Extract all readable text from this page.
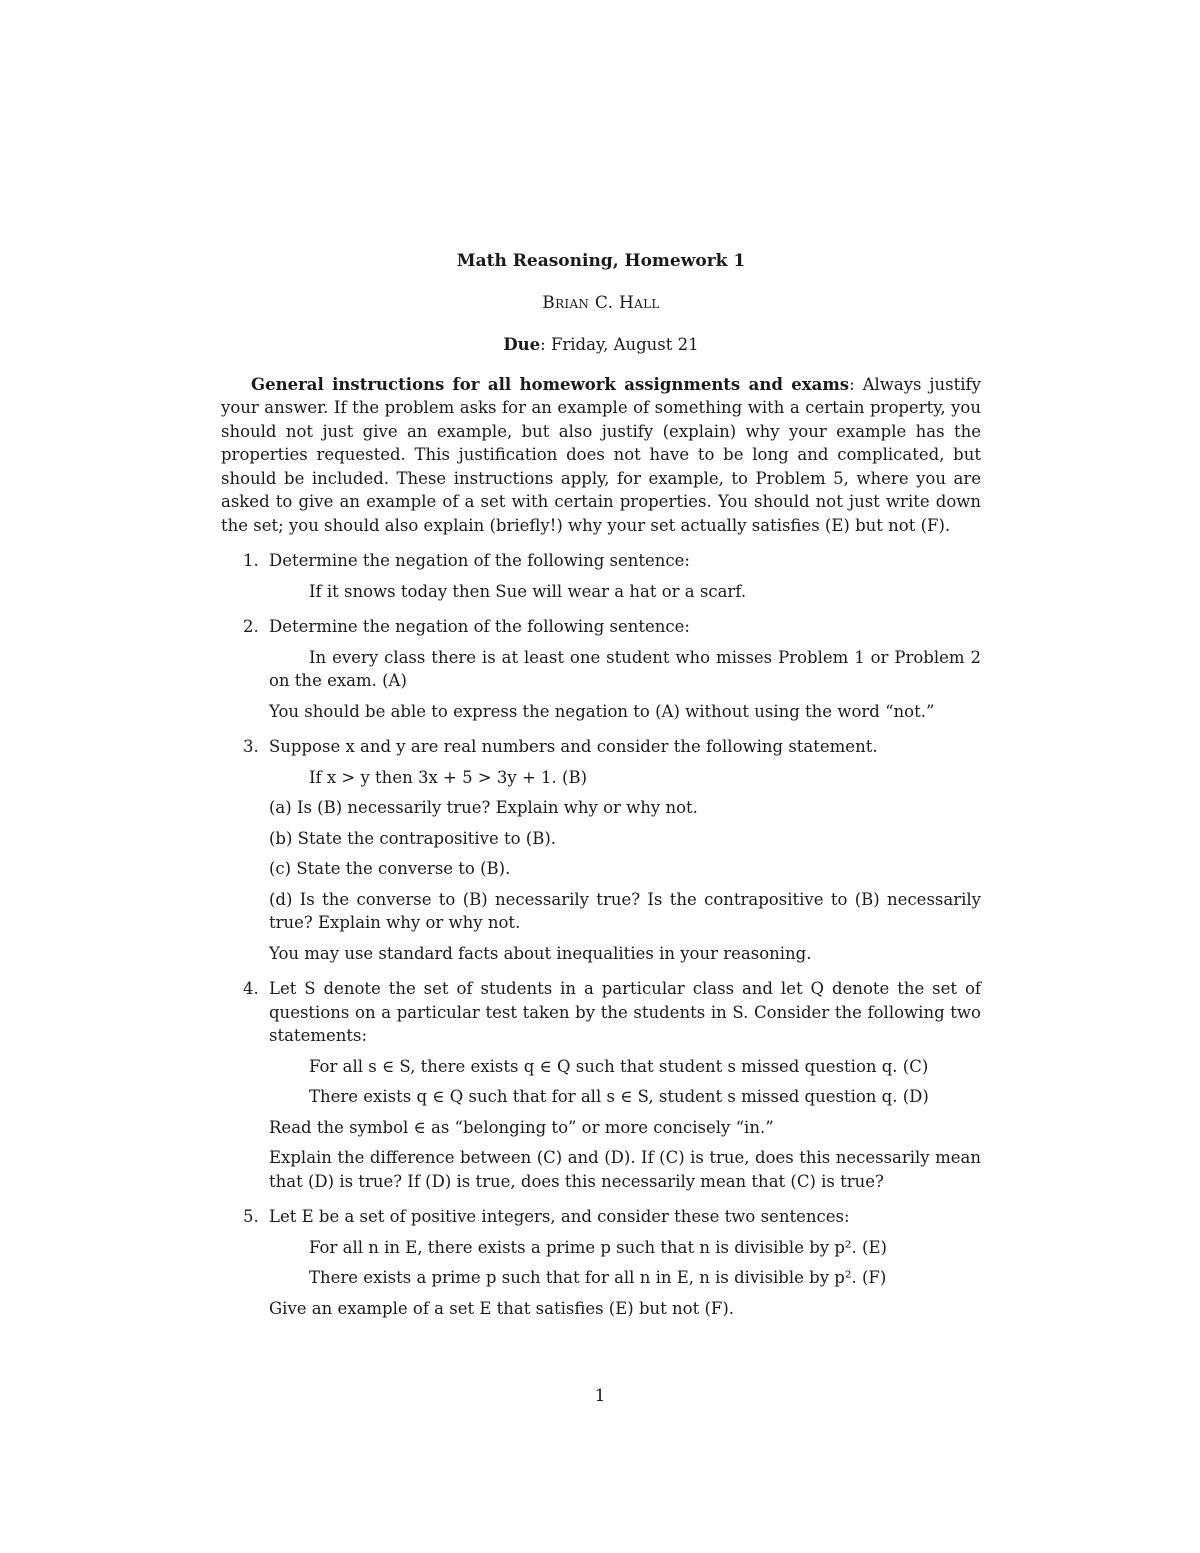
Math Reasoning, Homework 1
Brian C. Hall
Due: Friday, August 21

General instructions for all homework assignments and exams: Always justify your answer. If the problem asks for an example of something with a certain property, you should not just give an example, but also justify (explain) why your example has the properties requested. This justification does not have to be long and complicated, but should be included. These instructions apply, for example, to Problem 5, where you are asked to give an example of a set with certain properties. You should not just write down the set; you should also explain (briefly!) why your set actually satisfies (E) but not (F).

1. Determine the negation of the following sentence:

If it snows today then Sue will wear a hat or a scarf.

2. Determine the negation of the following sentence:

In every class there is at least one student who misses Problem 1 or Problem 2 on the exam. (A)

You should be able to express the negation to (A) without using the word “not.”

3. Suppose x and y are real numbers and consider the following statement.

If x > y then 3x + 5 > 3y + 1. (B)

(a) Is (B) necessarily true? Explain why or why not.

(b) State the contrapositive to (B).

(c) State the converse to (B).

(d) Is the converse to (B) necessarily true? Is the contrapositive to (B) necessarily true? Explain why or why not.

You may use standard facts about inequalities in your reasoning.

4. Let S denote the set of students in a particular class and let Q denote the set of questions on a particular test taken by the students in S. Consider the following two statements:

For all s ∈ S, there exists q ∈ Q such that student s missed question q. (C)

There exists q ∈ Q such that for all s ∈ S, student s missed question q. (D)

Read the symbol ∈ as “belonging to” or more concisely “in.”

Explain the difference between (C) and (D). If (C) is true, does this necessarily mean that (D) is true? If (D) is true, does this necessarily mean that (C) is true?

5. Let E be a set of positive integers, and consider these two sentences:

For all n in E, there exists a prime p such that n is divisible by p². (E)

There exists a prime p such that for all n in E, n is divisible by p². (F)

Give an example of a set E that satisfies (E) but not (F).

1
